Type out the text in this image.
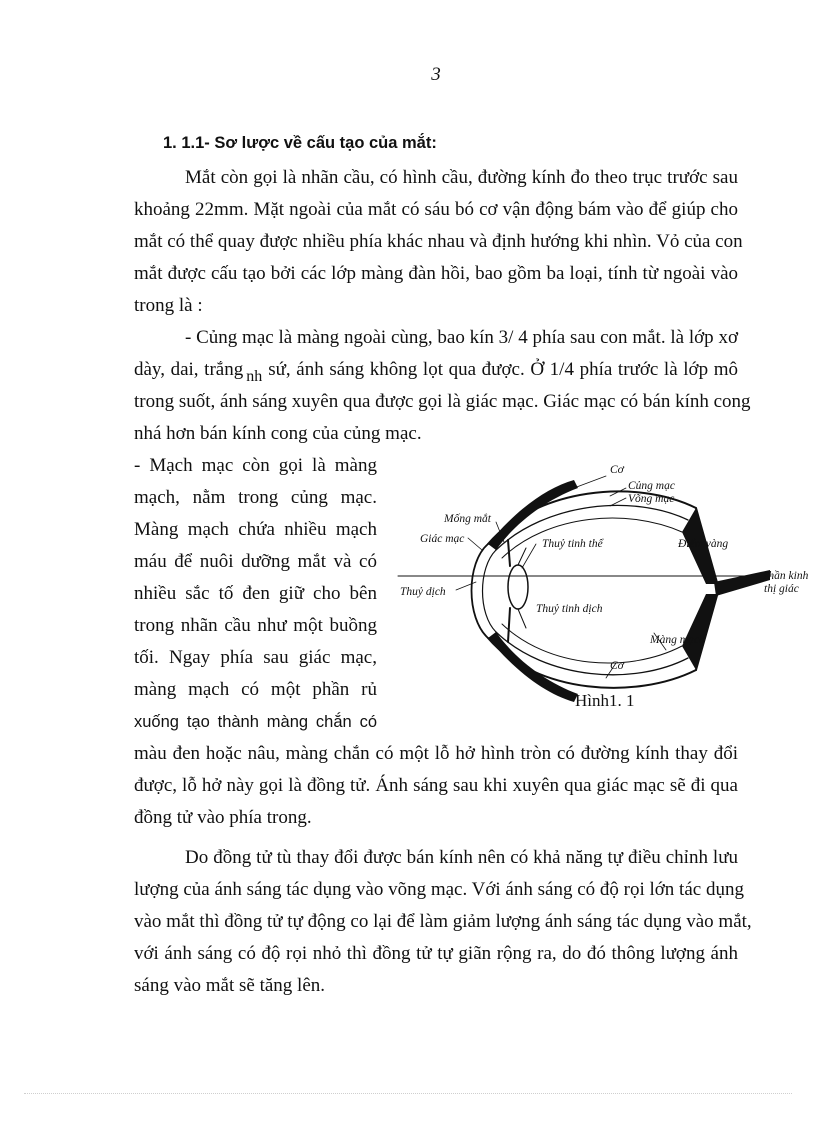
3
1. 1.1- Sơ lược về cấu tạo của mắt:
Mắt còn gọi là nhãn cầu, có hình cầu, đường kính đo theo trục trước sau
khoảng 22mm. Mặt ngoài của mắt có sáu bó cơ vận động bám vào để giúp cho
mắt có thể quay được nhiều phía khác nhau và định hướng khi nhìn. Vỏ của con
mắt được cấu tạo bởi các lớp màng đàn hồi, bao gồm ba loại, tính từ ngoài vào
trong là :
- Củng mạc là màng ngoài cùng, bao kín 3/ 4 phía sau con mắt. là lớp xơ
dày, dai, trắng $_{nh}$ sứ, ánh sáng không lọt qua được. Ở 1/4 phía trước là lớp mô
trong suốt, ánh sáng xuyên qua được gọi là giác mạc. Giác mạc có bán kính cong
nhá hơn bán kính cong của củng mạc.
- Mạch mạc còn gọi là màng
mạch, nằm trong củng mạc.
Màng mạch chứa nhiều mạch
máu để nuôi dưỡng mắt và có
nhiều sắc tố đen giữ cho bên
trong nhãn cầu như một buồng
tối. Ngay phía sau giác mạc,
màng mạch có một phần rủ
xuống tạo thành màng chắn có
màu đen hoặc nâu, màng chắn có một lỗ hở hình tròn có đường kính thay đổi
được, lỗ hở này gọi là đồng tử. Ánh sáng sau khi xuyên qua giác mạc sẽ đi qua
đồng tử vào phía trong.
Do đồng tử tù thay đổi được bán kính nên có khả năng tự điều chỉnh lưu
lượng của ánh sáng tác dụng vào võng mạc. Với ánh sáng có độ rọi lớn tác dụng
vào mắt thì đồng tử tự động co lại để làm giảm lượng ánh sáng tác dụng vào mắt,
với ánh sáng có độ rọi nhỏ thì đồng tử tự giãn rộng ra, do đó thông lượng ánh
sáng vào mắt sẽ tăng lên.
Cơ
Củng mạc
Võng mạc
Mống mắt
Giác mạc	Thuỷ tinh thể	Điểm vàng
Thần kinh
thị giác
Thuỷ dịch
Thuỷ tinh dịch
Màng mạch
Cơ
Hình1. 1
